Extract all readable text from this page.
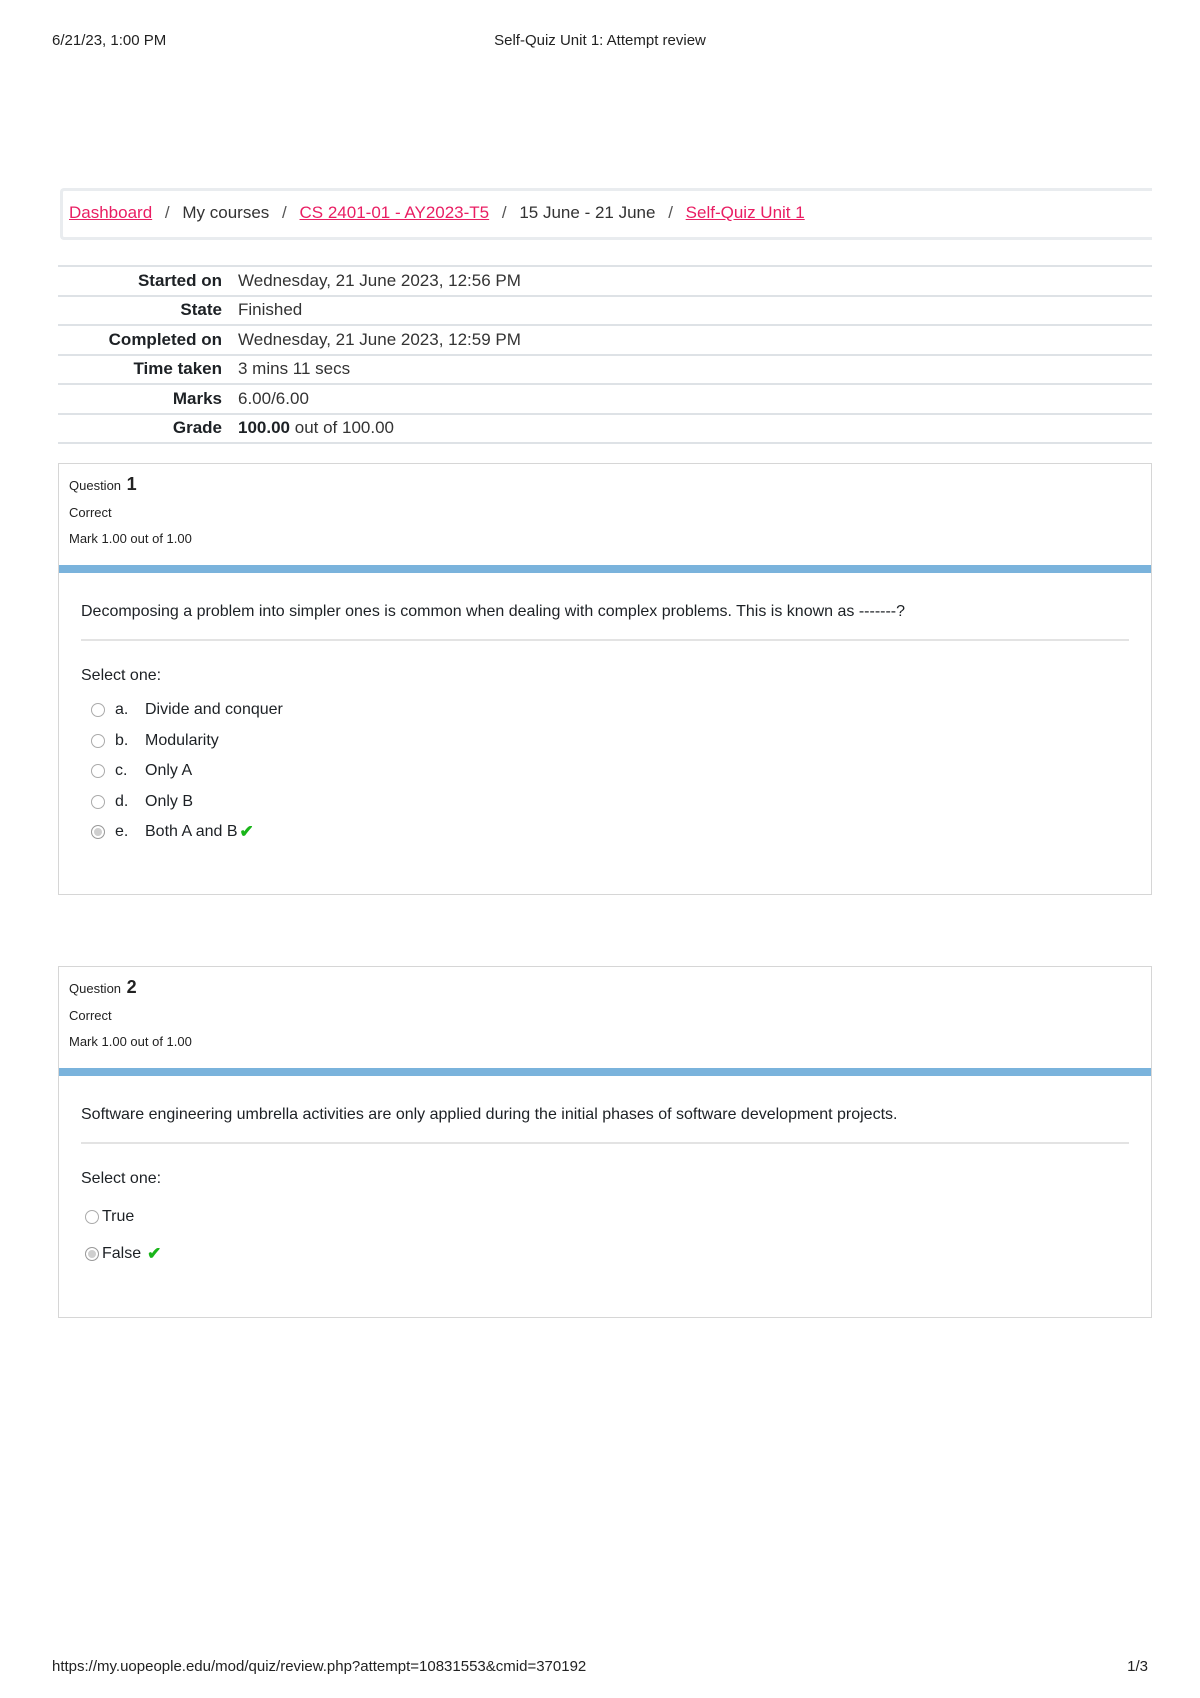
6/21/23, 1:00 PM	Self-Quiz Unit 1: Attempt review
Dashboard / My courses / CS 2401-01 - AY2023-T5 / 15 June - 21 June / Self-Quiz Unit 1
Started on	Wednesday, 21 June 2023, 12:56 PM
State	Finished
Completed on	Wednesday, 21 June 2023, 12:59 PM
Time taken	3 mins 11 secs
Marks	6.00/6.00
Grade	100.00 out of 100.00
Question 1
Correct
Mark 1.00 out of 1.00
Decomposing a problem into simpler ones is common when dealing with complex problems. This is known as -------?
Select one:
a.	Divide and conquer
b.	Modularity
c.	Only A
d.	Only B
e.	Both A and B ✔
Question 2
Correct
Mark 1.00 out of 1.00
Software engineering umbrella activities are only applied during the initial phases of software development projects.
Select one:
True
False ✔
https://my.uopeople.edu/mod/quiz/review.php?attempt=10831553&cmid=370192	1/3
